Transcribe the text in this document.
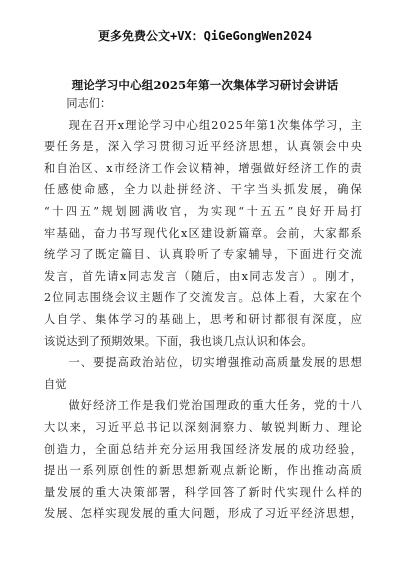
更多免费公文+VX：QiGeGongWen2024
理论学习中心组2025年第一次集体学习研讨会讲话
　　同志们：

现 在 召 开 x 理 论 学 习 中 心 组 2 0 2 5 年 第 1 次 集 体 学 习 ， 主
要 任 务 是 ， 深 入 学 习 贯 彻 习 近 平 经 济 思 想 ， 认 真 领 会 中 央
和 自 治 区 、 x 市 经 济 工 作 会 议 精 神 ， 增 强 做 好 经 济 工 作 的 责
任 感 使 命 感 ， 全 力 以 赴 拼 经 济 、 干 字 当 头 抓 发 展 ， 确 保
“ 十 四 五 ” 规 划 圆 满 收 官 ， 为 实 现 “ 十 五 五 ” 良 好 开 局 打
牢 基 础 ， 奋 力 书 写 现 代 化 x 区 建 设 新 篇 章 。 会 前 ， 大 家 都 系
统 学 习 了 既 定 篇 目 、 认 真 聆 听 了 专 家 辅 导 ， 下 面 进 行 交 流
发 言 ， 首 先 请 x 同 志 发 言 （ 随 后 ， 由 x 同 志 发 言 ） 。 刚 才 ，
2 位 同 志 围 绕 会 议 主 题 作 了 交 流 发 言 。 总 体 上 看 ， 大 家 在 个
人 自 学 、 集 体 学 习 的 基 础 上 ， 思 考 和 研 讨 都 很 有 深 度 ， 应
该说达到了预期效果。下面，我也谈几点认识和体会。

一 、 要 提 高 政 治 站 位 ， 切 实 增 强 推 动 高 质 量 发 展 的 思 想
自觉

做 好 经 济 工 作 是 我 们 党 治 国 理 政 的 重 大 任 务 ， 党 的 十 八
大 以 来 ， 习 近 平 总 书 记 以 深 刻 洞 察 力 、 敏 锐 判 断 力 、 理 论
创 造 力 ， 全 面 总 结 并 充 分 运 用 我 国 经 济 发 展 的 成 功 经 验 ，
提 出 一 系 列 原 创 性 的 新 思 想 新 观 点 新 论 断 ， 作 出 推 动 高 质
量 发 展 的 重 大 决 策 部 署 ， 科 学 回 答 了 新 时 代 实 现 什 么 样 的
发 展 、 怎 样 实 现 发 展 的 重 大 问 题 ， 形 成 了 习 近 平 经 济 思 想 ，
